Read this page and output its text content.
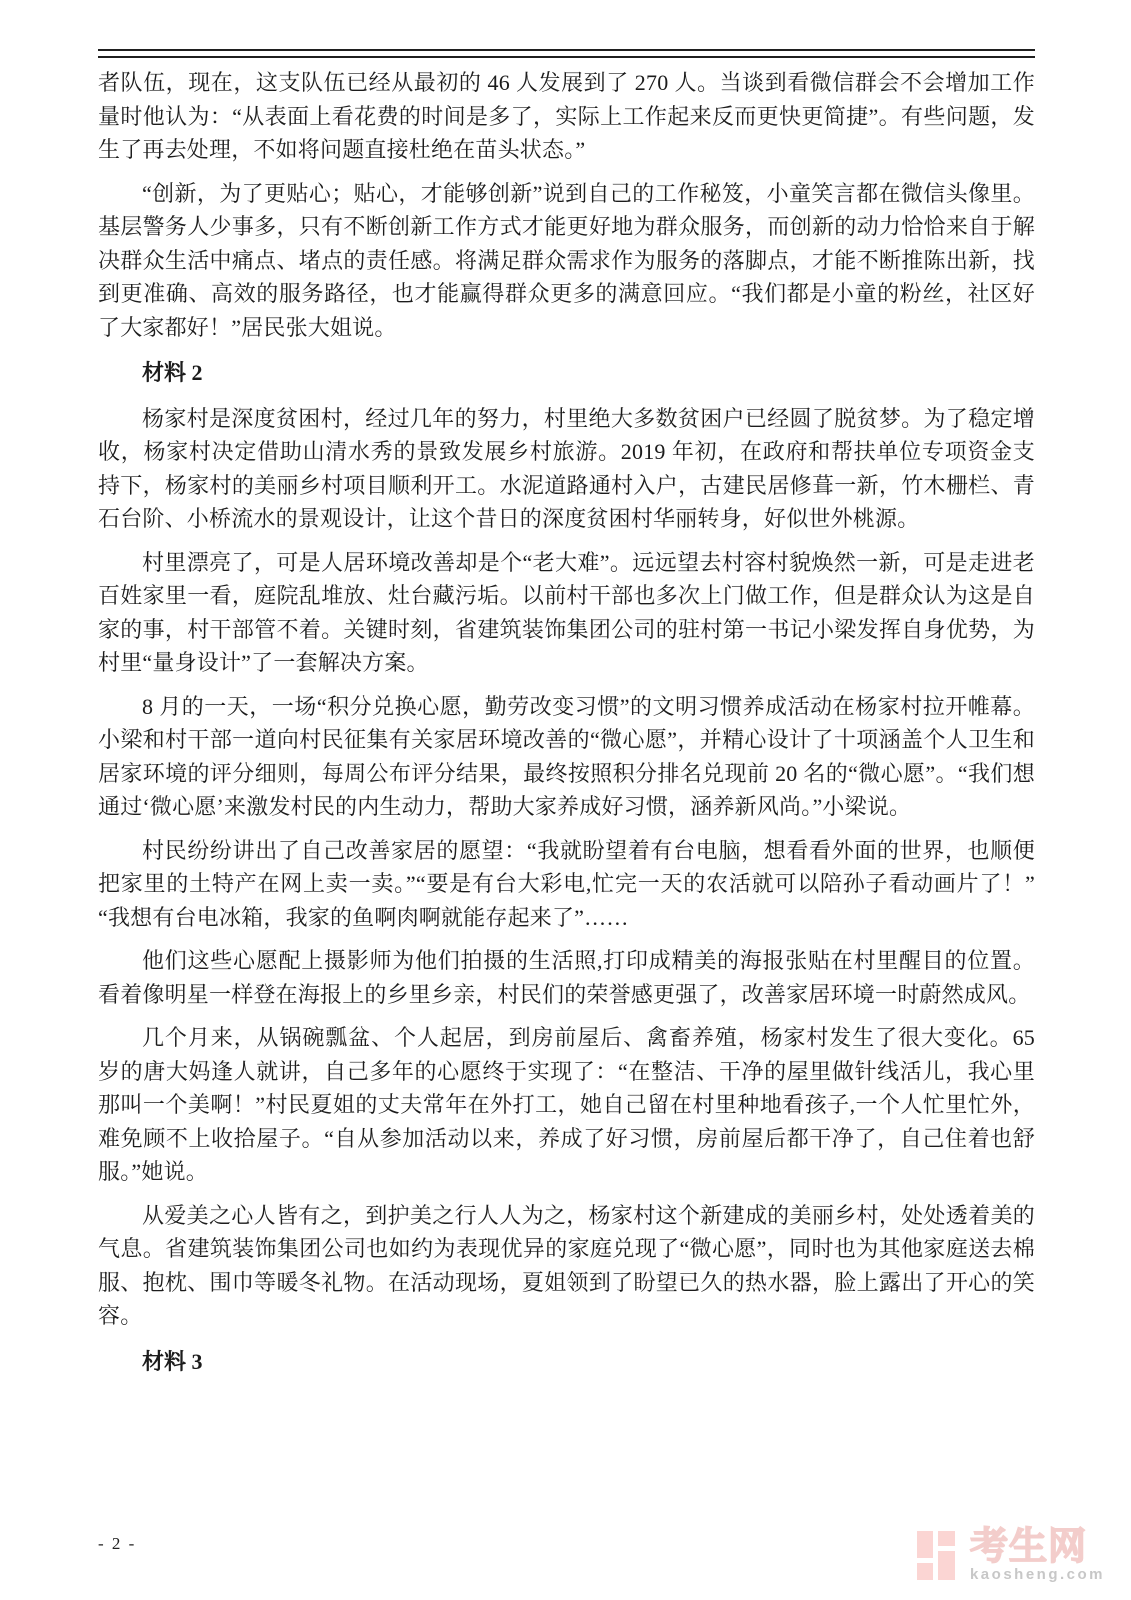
者队伍，现在，这支队伍已经从最初的 46 人发展到了 270 人。当谈到看微信群会不会增加工作量时他认为：“从表面上看花费的时间是多了，实际上工作起来反而更快更简捷”。有些问题，发生了再去处理，不如将问题直接杜绝在苗头状态。”

“创新，为了更贴心；贴心，才能够创新”说到自己的工作秘笈，小童笑言都在微信头像里。基层警务人少事多，只有不断创新工作方式才能更好地为群众服务，而创新的动力恰恰来自于解决群众生活中痛点、堵点的责任感。将满足群众需求作为服务的落脚点，才能不断推陈出新，找到更准确、高效的服务路径，也才能赢得群众更多的满意回应。“我们都是小童的粉丝，社区好了大家都好！”居民张大姐说。

材料 2

杨家村是深度贫困村，经过几年的努力，村里绝大多数贫困户已经圆了脱贫梦。为了稳定增收，杨家村决定借助山清水秀的景致发展乡村旅游。2019 年初，在政府和帮扶单位专项资金支持下，杨家村的美丽乡村项目顺利开工。水泥道路通村入户，古建民居修葺一新，竹木栅栏、青石台阶、小桥流水的景观设计，让这个昔日的深度贫困村华丽转身，好似世外桃源。

村里漂亮了，可是人居环境改善却是个“老大难”。远远望去村容村貌焕然一新，可是走进老百姓家里一看，庭院乱堆放、灶台藏污垢。以前村干部也多次上门做工作，但是群众认为这是自家的事，村干部管不着。关键时刻，省建筑装饰集团公司的驻村第一书记小梁发挥自身优势，为村里“量身设计”了一套解决方案。

8 月的一天，一场“积分兑换心愿，勤劳改变习惯”的文明习惯养成活动在杨家村拉开帷幕。小梁和村干部一道向村民征集有关家居环境改善的“微心愿”，并精心设计了十项涵盖个人卫生和居家环境的评分细则，每周公布评分结果，最终按照积分排名兑现前 20 名的“微心愿”。“我们想通过‘微心愿’来激发村民的内生动力，帮助大家养成好习惯，涵养新风尚。”小梁说。

村民纷纷讲出了自己改善家居的愿望：“我就盼望着有台电脑，想看看外面的世界，也顺便把家里的土特产在网上卖一卖。”“要是有台大彩电,忙完一天的农活就可以陪孙子看动画片了！”“我想有台电冰箱，我家的鱼啊肉啊就能存起来了”……

他们这些心愿配上摄影师为他们拍摄的生活照,打印成精美的海报张贴在村里醒目的位置。看着像明星一样登在海报上的乡里乡亲，村民们的荣誉感更强了，改善家居环境一时蔚然成风。

几个月来，从锅碗瓢盆、个人起居，到房前屋后、禽畜养殖，杨家村发生了很大变化。65 岁的唐大妈逢人就讲，自己多年的心愿终于实现了：“在整洁、干净的屋里做针线活儿，我心里那叫一个美啊！”村民夏姐的丈夫常年在外打工，她自己留在村里种地看孩子,一个人忙里忙外，难免顾不上收拾屋子。“自从参加活动以来，养成了好习惯，房前屋后都干净了，自己住着也舒服。”她说。

从爱美之心人皆有之，到护美之行人人为之，杨家村这个新建成的美丽乡村，处处透着美的气息。省建筑装饰集团公司也如约为表现优异的家庭兑现了“微心愿”，同时也为其他家庭送去棉服、抱枕、围巾等暖冬礼物。在活动现场，夏姐领到了盼望已久的热水器，脸上露出了开心的笑容。

材料 3
- 2 -	考生网
kaosheng.com
